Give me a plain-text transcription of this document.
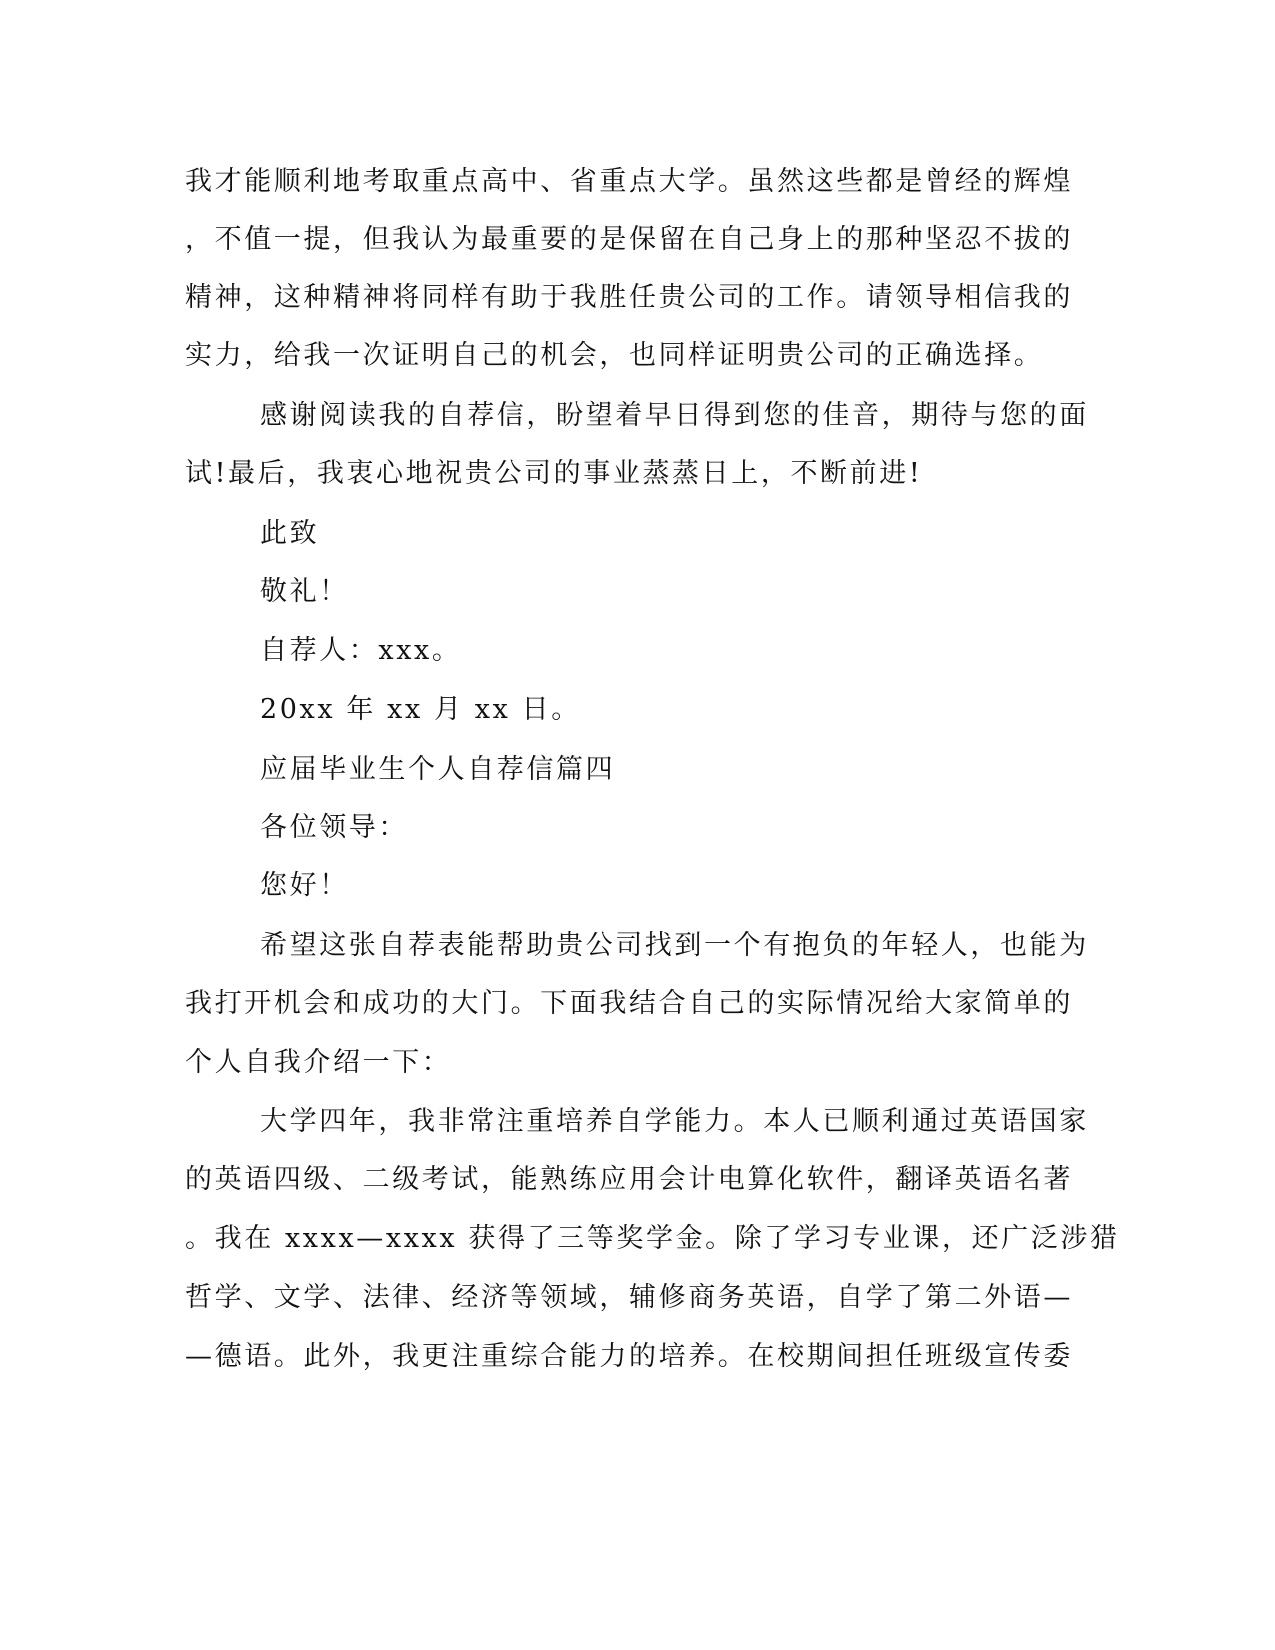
我才能顺利地考取重点高中、省重点大学。虽然这些都是曾经的辉煌
，不值一提，但我认为最重要的是保留在自己身上的那种坚忍不拔的
精神，这种精神将同样有助于我胜任贵公司的工作。请领导相信我的
实力，给我一次证明自己的机会，也同样证明贵公司的正确选择。
感谢阅读我的自荐信，盼望着早日得到您的佳音，期待与您的面
试!最后，我衷心地祝贵公司的事业蒸蒸日上，不断前进!
此致
敬礼！
自荐人：xxx。
20xx 年 xx 月 xx 日。
应届毕业生个人自荐信篇四
各位领导：
您好！
希望这张自荐表能帮助贵公司找到一个有抱负的年轻人，也能为
我打开机会和成功的大门。下面我结合自己的实际情况给大家简单的
个人自我介绍一下：
大学四年，我非常注重培养自学能力。本人已顺利通过英语国家
的英语四级、二级考试，能熟练应用会计电算化软件，翻译英语名著
。我在 xxxx—xxxx 获得了三等奖学金。除了学习专业课，还广泛涉猎
哲学、文学、法律、经济等领域，辅修商务英语，自学了第二外语—
—德语。此外，我更注重综合能力的培养。在校期间担任班级宣传委
